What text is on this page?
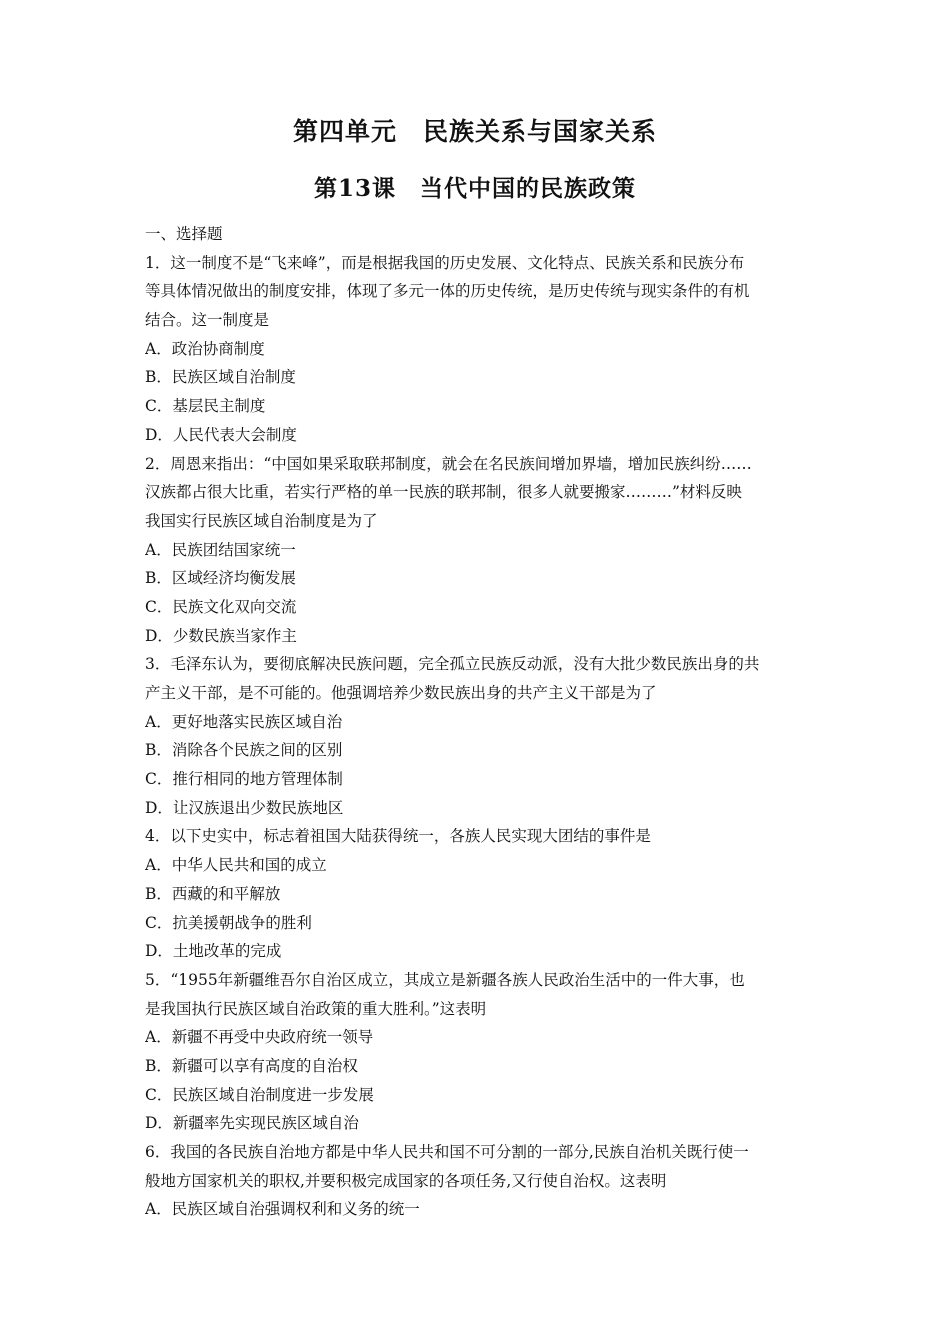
第四单元　民族关系与国家关系
第13课　当代中国的民族政策
一、选择题
1．这一制度不是“飞来峰”，而是根据我国的历史发展、文化特点、民族关系和民族分布
等具体情况做出的制度安排，体现了多元一体的历史传统，是历史传统与现实条件的有机
结合。这一制度是
A．政治协商制度
B．民族区域自治制度
C．基层民主制度
D．人民代表大会制度
2．周恩来指出：“中国如果采取联邦制度，就会在名民族间增加界墙，增加民族纠纷……
汉族都占很大比重，若实行严格的单一民族的联邦制，很多人就要搬家………”材料反映
我国实行民族区域自治制度是为了
A．民族团结国家统一
B．区域经济均衡发展
C．民族文化双向交流
D．少数民族当家作主
3．毛泽东认为，要彻底解决民族问题，完全孤立民族反动派，没有大批少数民族出身的共
产主义干部，是不可能的。他强调培养少数民族出身的共产主义干部是为了
A．更好地落实民族区域自治
B．消除各个民族之间的区别
C．推行相同的地方管理体制
D．让汉族退出少数民族地区
4．以下史实中，标志着祖国大陆获得统一，各族人民实现大团结的事件是
A．中华人民共和国的成立
B．西藏的和平解放
C．抗美援朝战争的胜利
D．土地改革的完成
5．“1955年新疆维吾尔自治区成立，其成立是新疆各族人民政治生活中的一件大事，也
是我国执行民族区域自治政策的重大胜利。”这表明
A．新疆不再受中央政府统一领导
B．新疆可以享有高度的自治权
C．民族区域自治制度进一步发展
D．新疆率先实现民族区域自治
6．我国的各民族自治地方都是中华人民共和国不可分割的一部分,民族自治机关既行使一
般地方国家机关的职权,并要积极完成国家的各项任务,又行使自治权。这表明
A．民族区域自治强调权利和义务的统一
